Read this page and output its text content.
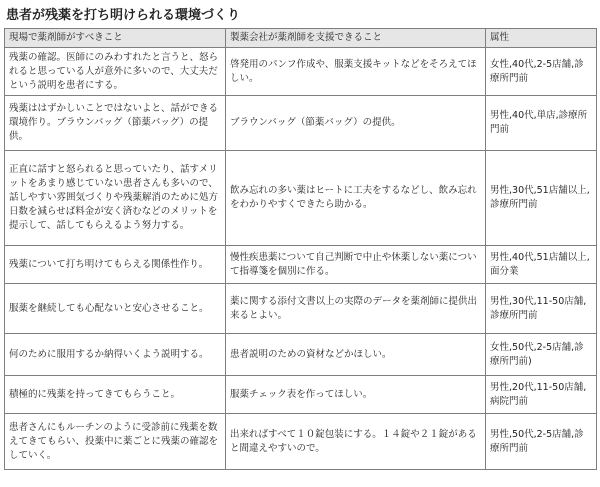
患者が残薬を打ち明けられる環境づくり
現場で薬剤師がすべきこと	製薬会社が薬剤師を支援できること	属性
残薬の確認。医師にのみわすれたと言うと、怒られると思っている人が意外に多いので、大丈夫だという説明を患者にする。	啓発用のパンフ作成や、服薬支援キットなどをそろえてほしい。	女性,40代,2-5店舗,診療所門前
残薬ははずかしいことではないよと、話ができる環境作り。ブラウンバッグ（節薬バッグ）の提供。	ブラウンバッグ（節薬バッグ）の提供。	男性,40代,単店,診療所門前
正直に話すと怒られると思っていたり、話すメリットをあまり感じていない患者さんも多いので、話しやすい雰囲気づくりや残薬解消のために処方日数を減らせば料金が安く済むなどのメリットを提示して、話してもらえるよう努力する。	飲み忘れの多い薬はヒートに工夫をするなどし、飲み忘れをわかりやすくできたら助かる。	男性,30代,51店舗以上,診療所門前
残薬について打ち明けてもらえる関係性作り。	慢性疾患薬について自己判断で中止や休薬しない薬について指導箋を個別に作る。	男性,40代,51店舗以上,面分業
服薬を継続しても心配ないと安心させること。	薬に関する添付文書以上の実際のデータを薬剤師に提供出来るとよい。	男性,30代,11-50店舗,診療所門前
何のために服用するか納得いくよう説明する。	患者説明のための資材などかほしい。	女性,50代,2-5店舗,診療所門前)
積極的に残薬を持ってきてもらうこと。	服薬チェック表を作ってほしい。	男性,20代,11-50店舗,病院門前
患者さんにもルーチンのように受診前に残薬を数えてきてもらい、投薬中に薬ごとに残薬の確認をしていく。	出来ればすべて１０錠包装にする。１４錠や２１錠があると間違えやすいので。	男性,50代,2-5店舗,診療所門前
